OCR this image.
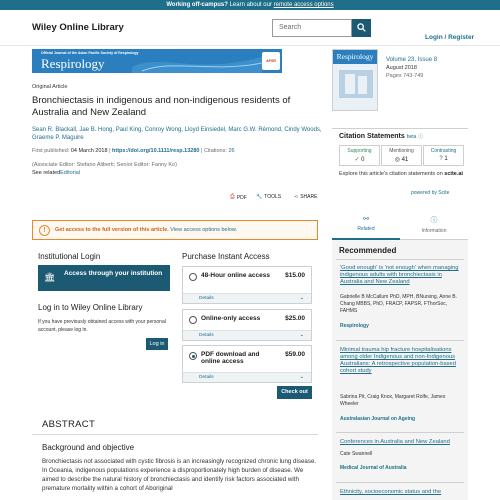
Working off-campus? Learn about our remote access options
Wiley Online Library	Search
Login / Register
Official Journal of the Asian Pacific Society of Respirology
Respirology	APSR
Original Article
Bronchiectasis in indigenous and non-indigenous residents of Australia and New Zealand
Sean R. Blackall, Jae B. Hong, Paul King, Conroy Wong, Lloyd Einsiedel, Marc G.W. Rémond, Cindy Woods, Graeme P. Maguire
First published: 04 March 2018 | https://doi.org/10.1111/resp.13280 | Citations: 26
(Associate Editor: Stefano Aliberti; Senior Editor: Fanny Ko)
See relatedEditorial
⎙ PDF 🔧 TOOLS	⋖ SHARE
!	Get access to the full version of this article. View access options below.
Institutional Login
🏛 Access through your institution
Log in to Wiley Online Library
If you have previously obtained access with your personal account, please log in.
Log in
Purchase Instant Access
48-Hour online access	$15.00
Details	⌄
Online-only access	$25.00
Details	⌄
PDF download and online access
$59.00
Details	⌄
Check out
ABSTRACT
Background and objective
Bronchiectasis not associated with cystic fibrosis is an increasingly recognized chronic lung disease. In Oceania, indigenous populations experience a disproportionately high burden of disease. We aimed to describe the natural history of bronchiectasis and identify risk factors associated with premature mortality within a cohort of Aboriginal
Respirology	Volume 23, Issue 8
August 2018
Pages 743-749
Citation Statements beta ⓘ
Supporting
✓ 0
Mentioning
◎ 41
Contrasting
? 1
Explore this article's citation statements on scite.ai
powered by Scite
⚯
Related
ⓘ
Information
Recommended
'Good enough' is 'not enough' when managing indigenous adults with bronchiectasis in Australia and New Zealand
Gabrielle B McCallum PhD, MPH, BNursing, Anne B. Chang MBBS, PhD, FRACP, FAPSR, FThorSoc, FAHMS
Respirology
Minimal trauma hip fracture hospitalisations among older Indigenous and non-Indigenous Australians: A retrospective population-based cohort study
Sabrina Pit, Craig Knox, Margaret Rolfe, James Wheeler
Australasian Journal on Ageing
Conferences in Australia and New Zealand
Cate Swannell
Medical Journal of Australia
Ethnicity, socioeconomic status and the
